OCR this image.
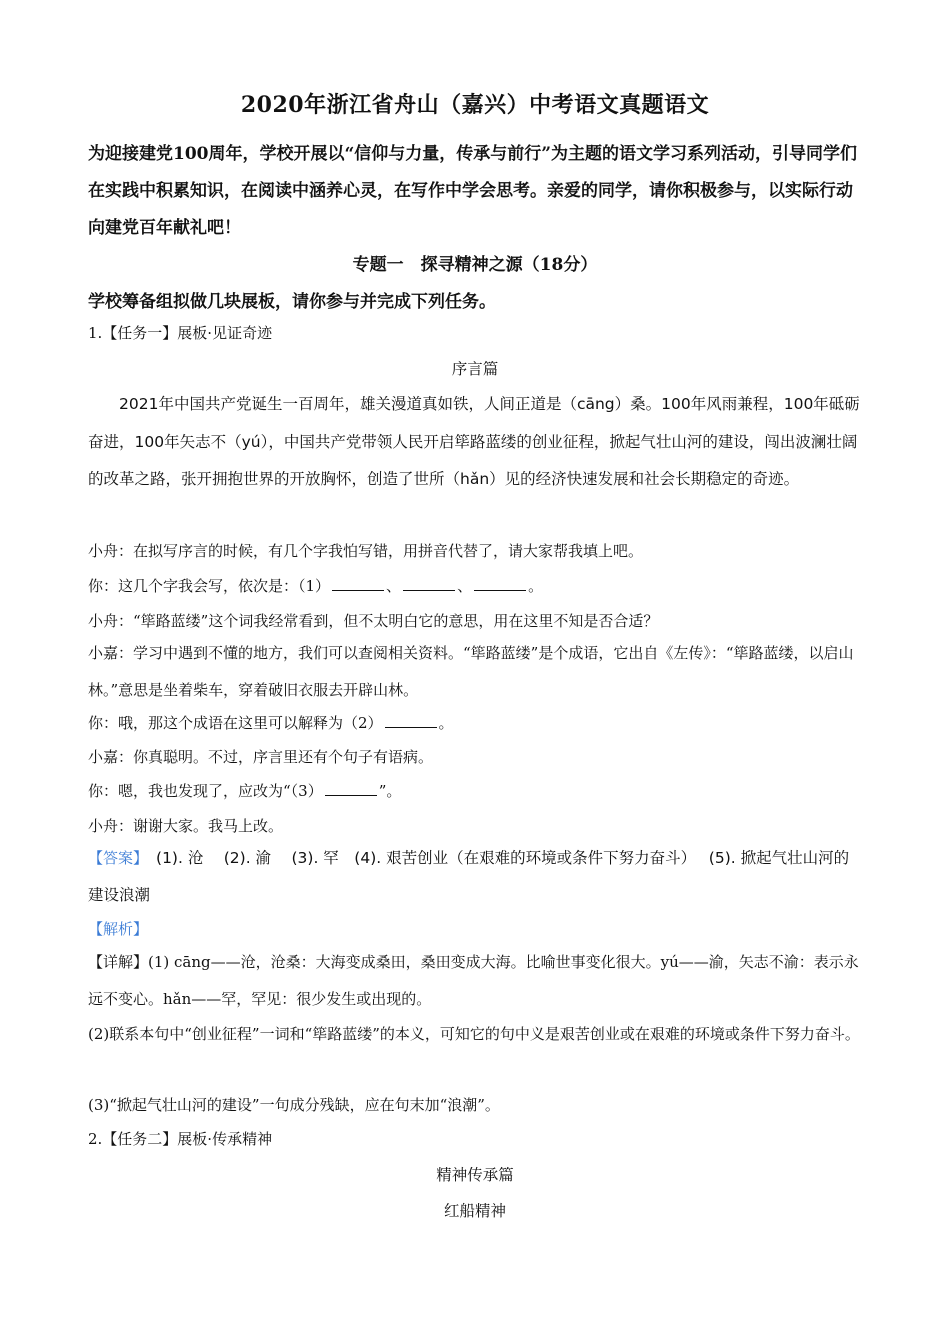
2020年浙江省舟山（嘉兴）中考语文真题语文
为迎接建党100周年，学校开展以“信仰与力量，传承与前行”为主题的语文学习系列活动，引导同学们在实践中积累知识，在阅读中涵养心灵，在写作中学会思考。亲爱的同学，请你积极参与，以实际行动向建党百年献礼吧！
专题一　探寻精神之源（18分）
学校筹备组拟做几块展板，请你参与并完成下列任务。
1.【任务一】展板·见证奇迹
序言篇
2021年中国共产党诞生一百周年，雄关漫道真如铁，人间正道是（cāng）桑。100年风雨兼程，100年砥砺奋进，100年矢志不（yú），中国共产党带领人民开启筚路蓝缕的创业征程，掀起气壮山河的建设，闯出波澜壮阔的改革之路，张开拥抱世界的开放胸怀，创造了世所（hǎn）见的经济快速发展和社会长期稳定的奇迹。
小舟：在拟写序言的时候，有几个字我怕写错，用拼音代替了，请大家帮我填上吧。
你：这几个字我会写，依次是：（1）	、	、	。
小舟：“筚路蓝缕”这个词我经常看到，但不太明白它的意思，用在这里不知是否合适？
小嘉：学习中遇到不懂的地方，我们可以查阅相关资料。“筚路蓝缕”是个成语，它出自《左传》：“筚路蓝缕，以启山林。”意思是坐着柴车，穿着破旧衣服去开辟山林。
你：哦，那这个成语在这里可以解释为（2）	。
小嘉：你真聪明。不过，序言里还有个句子有语病。
你：嗯，我也发现了，应改为“（3）	”。
小舟：谢谢大家。我马上改。
【答案】　(1). 沧　 (2). 渝　 (3). 罕　(4). 艰苦创业（在艰难的环境或条件下努力奋斗）　 (5). 掀起气壮山河的建设浪潮
【解析】
【详解】(1) cāng——沧，沧桑：大海变成桑田，桑田变成大海。比喻世事变化很大。yú——渝，矢志不渝：表示永远不变心。hǎn——罕，罕见：很少发生或出现的。
(2)联系本句中“创业征程”一词和“筚路蓝缕”的本义，可知它的句中义是艰苦创业或在艰难的环境或条件下努力奋斗。
(3)“掀起气壮山河的建设”一句成分残缺，应在句末加“浪潮”。
2.【任务二】展板·传承精神
精神传承篇
红船精神
